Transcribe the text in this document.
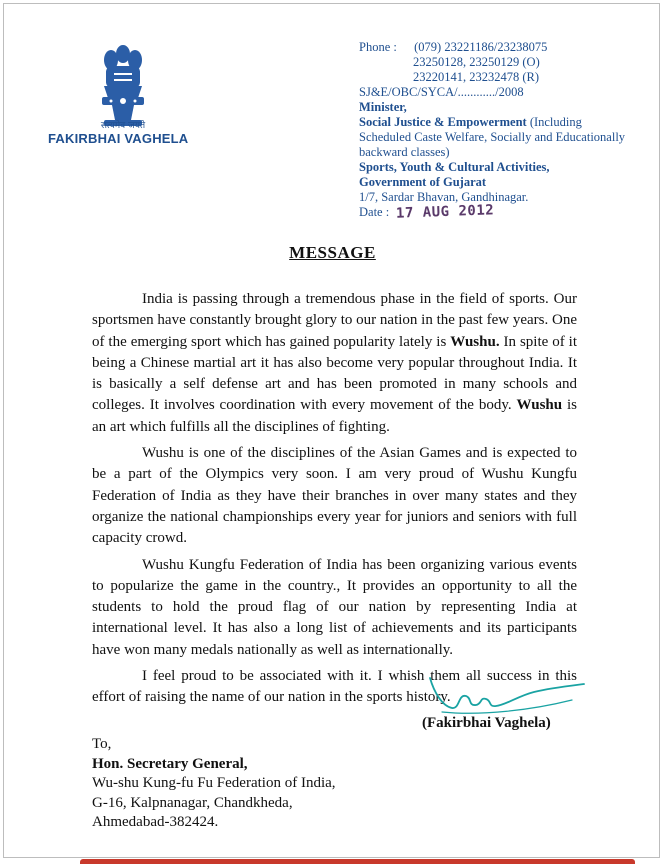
सत्यमेव जयते
FAKIRBHAI VAGHELA
Phone : (079) 23221186/23238075
23250128, 23250129 (O)
23220141, 23232478 (R)
SJ&E/OBC/SYCA/............/2008
Minister,
Social Justice & Empowerment (Including
Scheduled Caste Welfare, Socially and Educationally
backward classes)
Sports, Youth & Cultural Activities,
Government of Gujarat
1/7, Sardar Bhavan, Gandhinagar.
Date : 17 AUG 2012
MESSAGE

India is passing through a tremendous phase in the field of sports. Our sportsmen have constantly brought glory to our nation in the past few years. One of the emerging sport which has gained popularity lately is Wushu. In spite of it being a Chinese martial art it has also become very popular throughout India. It is basically a self defense art and has been promoted in many schools and colleges. It involves coordination with every movement of the body. Wushu is an art which fulfills all the disciplines of fighting.

Wushu is one of the disciplines of the Asian Games and is expected to be a part of the Olympics very soon. I am very proud of Wushu Kungfu Federation of India as they have their branches in over many states and they organize the national championships every year for juniors and seniors with full capacity crowd.

Wushu Kungfu Federation of India has been organizing various events to popularize the game in the country., It provides an opportunity to all the students to hold the proud flag of our nation by representing India at international level. It has also a long list of achievements and its participants have won many medals nationally as well as internationally.

I feel proud to be associated with it. I whish them all success in this effort of raising the name of our nation in the sports history.

(Fakirbhai Vaghela)
To,
Hon. Secretary General,
Wu-shu Kung-fu Fu Federation of India,
G-16, Kalpnanagar, Chandkheda,
Ahmedabad-382424.
